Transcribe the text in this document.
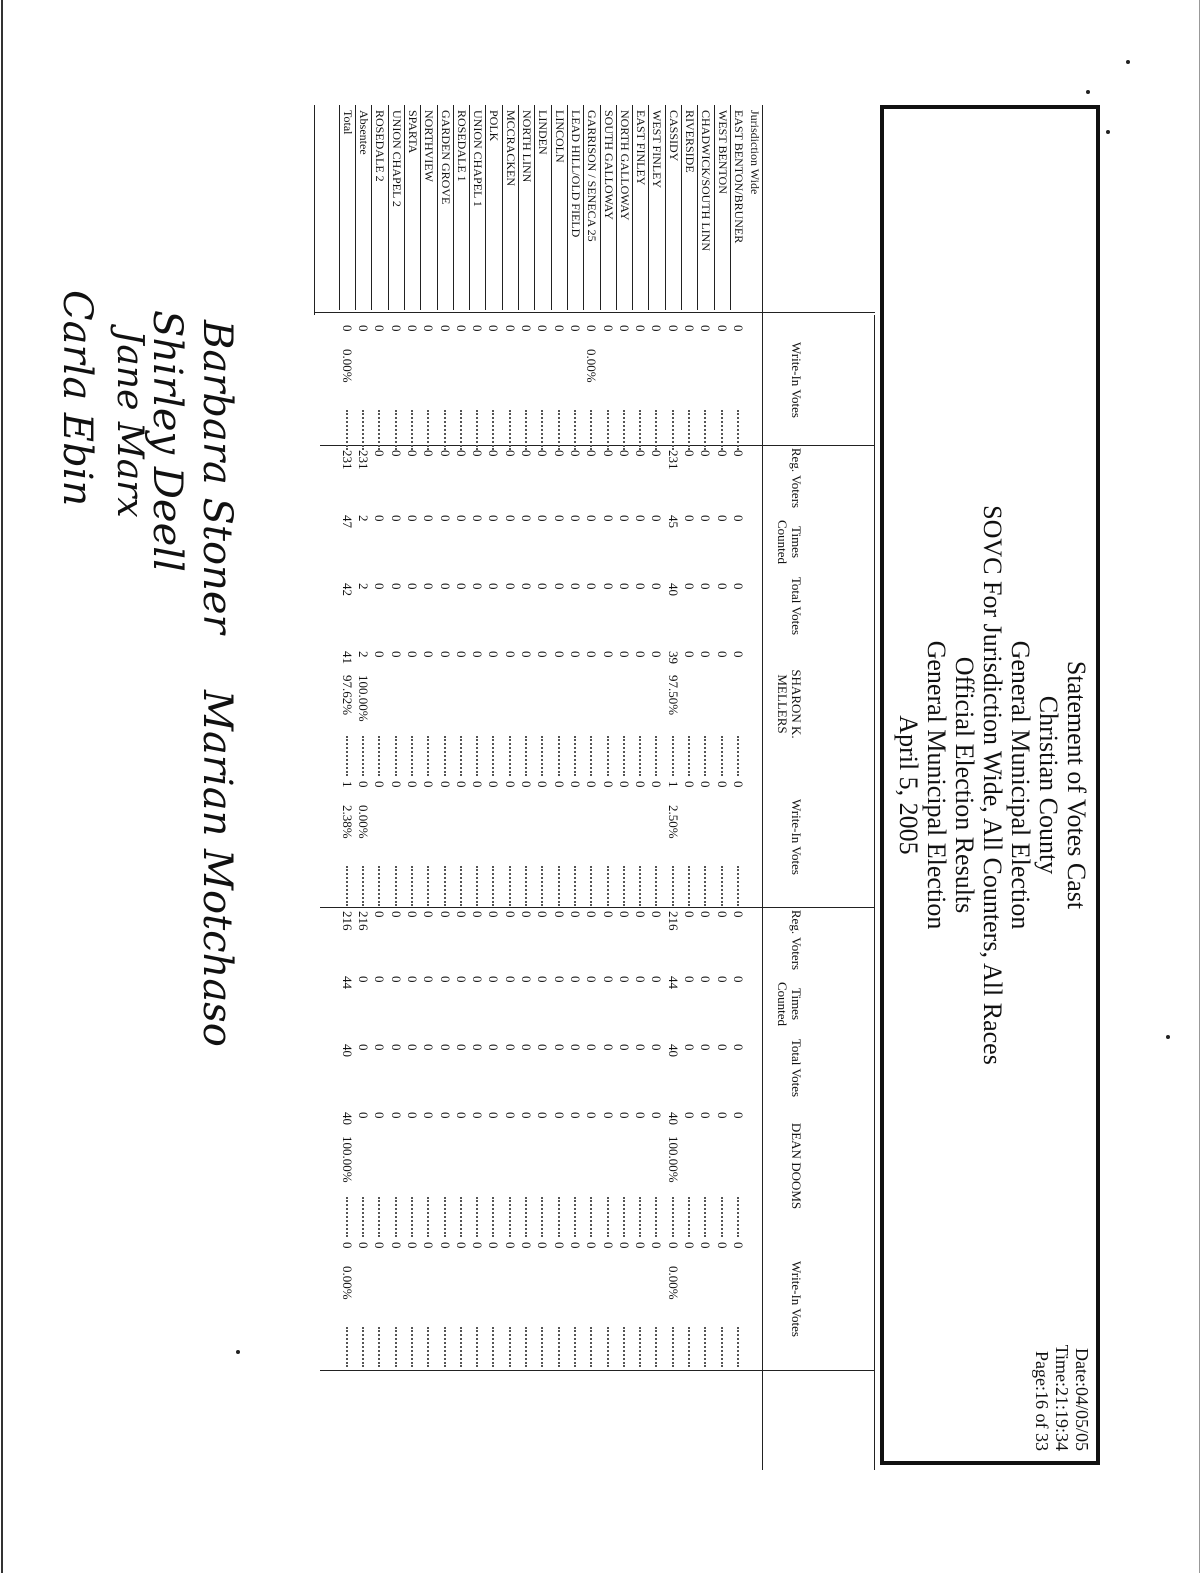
Statement of Votes Cast
Christian County
General Municipal Election
SOVC For Jurisdiction Wide, All Counters, All Races
Official Election Results
General Municipal Election
April 5, 2005
Date:04/05/05
Time:21:19:34
Page:16 of 33
Write-In Votes
Reg. Voters
Times Counted
Total Votes
SHARON K. MELLERS
Write-In Votes
Reg. Voters
Times Counted
Total Votes
DEAN DOOMS
Write-In Votes
Jurisdiction Wide
EAST BENTON/BRUNER
0
0
0
0
0
0
0
0
0
0
0
WEST BENTON
0
0
0
0
0
0
0
0
0
0
0
CHADWICK/SOUTH LINN
0
0
0
0
0
0
0
0
0
0
0
RIVERSIDE
0
0
0
0
0
0
0
0
0
0
0
CASSIDY
0
231
45
40
39
97.50%
1
2.50%
216
44
40
40
100.00%
0
0.00%
WEST FINLEY
0
0
0
0
0
0
0
0
0
0
0
EAST FINLEY
0
0
0
0
0
0
0
0
0
0
0
NORTH GALLOWAY
0
0
0
0
0
0
0
0
0
0
0
SOUTH GALLOWAY
0
0
0
0
0
0
0
0
0
0
0
GARRISON / SENECA 25
0
0.00%
0
0
0
0
0
0
0
0
0
0
LEAD HILL/OLD FIELD
0
0
0
0
0
0
0
0
0
0
0
LINCOLN
0
0
0
0
0
0
0
0
0
0
0
LINDEN
0
0
0
0
0
0
0
0
0
0
0
NORTH LINN
0
0
0
0
0
0
0
0
0
0
0
MCCRACKEN
0
0
0
0
0
0
0
0
0
0
0
POLK
0
0
0
0
0
0
0
0
0
0
0
UNION CHAPEL 1
0
0
0
0
0
0
0
0
0
0
0
ROSEDALE 1
0
0
0
0
0
0
0
0
0
0
0
GARDEN GROVE
0
0
0
0
0
0
0
0
0
0
0
NORTHVIEW
0
0
0
0
0
0
0
0
0
0
0
SPARTA
0
0
0
0
0
0
0
0
0
0
0
UNION CHAPEL 2
0
0
0
0
0
0
0
0
0
0
0
ROSEDALE 2
0
0
0
0
0
0
0
0
0
0
0
Absentee
0
231
2
2
2
100.00%
0
0.00%
216
0
0
0
0
Total
0
0.00%
231
47
42
41
97.62%
1
2.38%
216
44
40
40
100.00%
0
0.00%
Barbara Stoner
Marian Motchaso
Shirley Deell
Jane Marx
Carla Ebin
